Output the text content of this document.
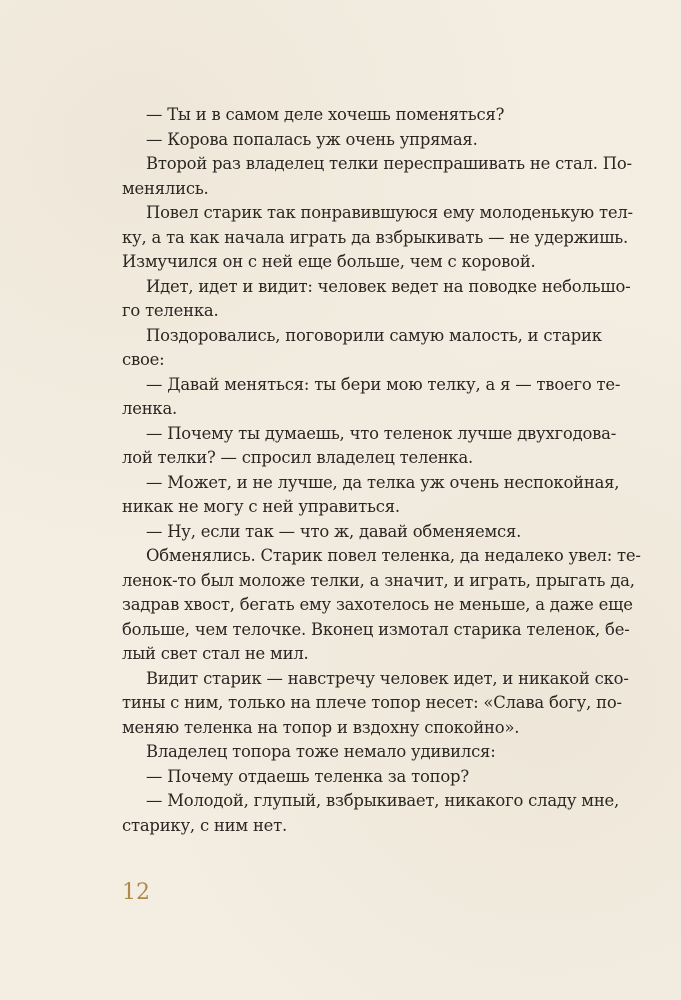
— Ты и в самом деле хочешь поменяться?
— Корова попалась уж очень упрямая.
Второй раз владелец телки переспрашивать не стал. По-
менялись.
Повел старик так понравившуюся ему молоденькую тел-
ку, а та как начала играть да взбрыкивать — не удержишь.
Измучился он с ней еще больше, чем с коровой.
Идет, идет и видит: человек ведет на поводке небольшо-
го теленка.
Поздоровались, поговорили самую малость, и старик
свое:
— Давай меняться: ты бери мою телку, а я — твоего те-
ленка.
— Почему ты думаешь, что теленок лучше двухгодова-
лой телки? — спросил владелец теленка.
— Может, и не лучше, да телка уж очень неспокойная,
никак не могу с ней управиться.
— Ну, если так — что ж, давай обменяемся.
Обменялись. Старик повел теленка, да недалеко увел: те-
ленок-то был моложе телки, а значит, и играть, прыгать да,
задрав хвост, бегать ему захотелось не меньше, а даже еще
больше, чем телочке. Вконец измотал старика теленок, бе-
лый свет стал не мил.
Видит старик — навстречу человек идет, и никакой ско-
тины с ним, только на плече топор несет: «Слава богу, по-
меняю теленка на топор и вздохну спокойно».
Владелец топора тоже немало удивился:
— Почему отдаешь теленка за топор?
— Молодой, глупый, взбрыкивает, никакого сладу мне,
старику, с ним нет.
12
